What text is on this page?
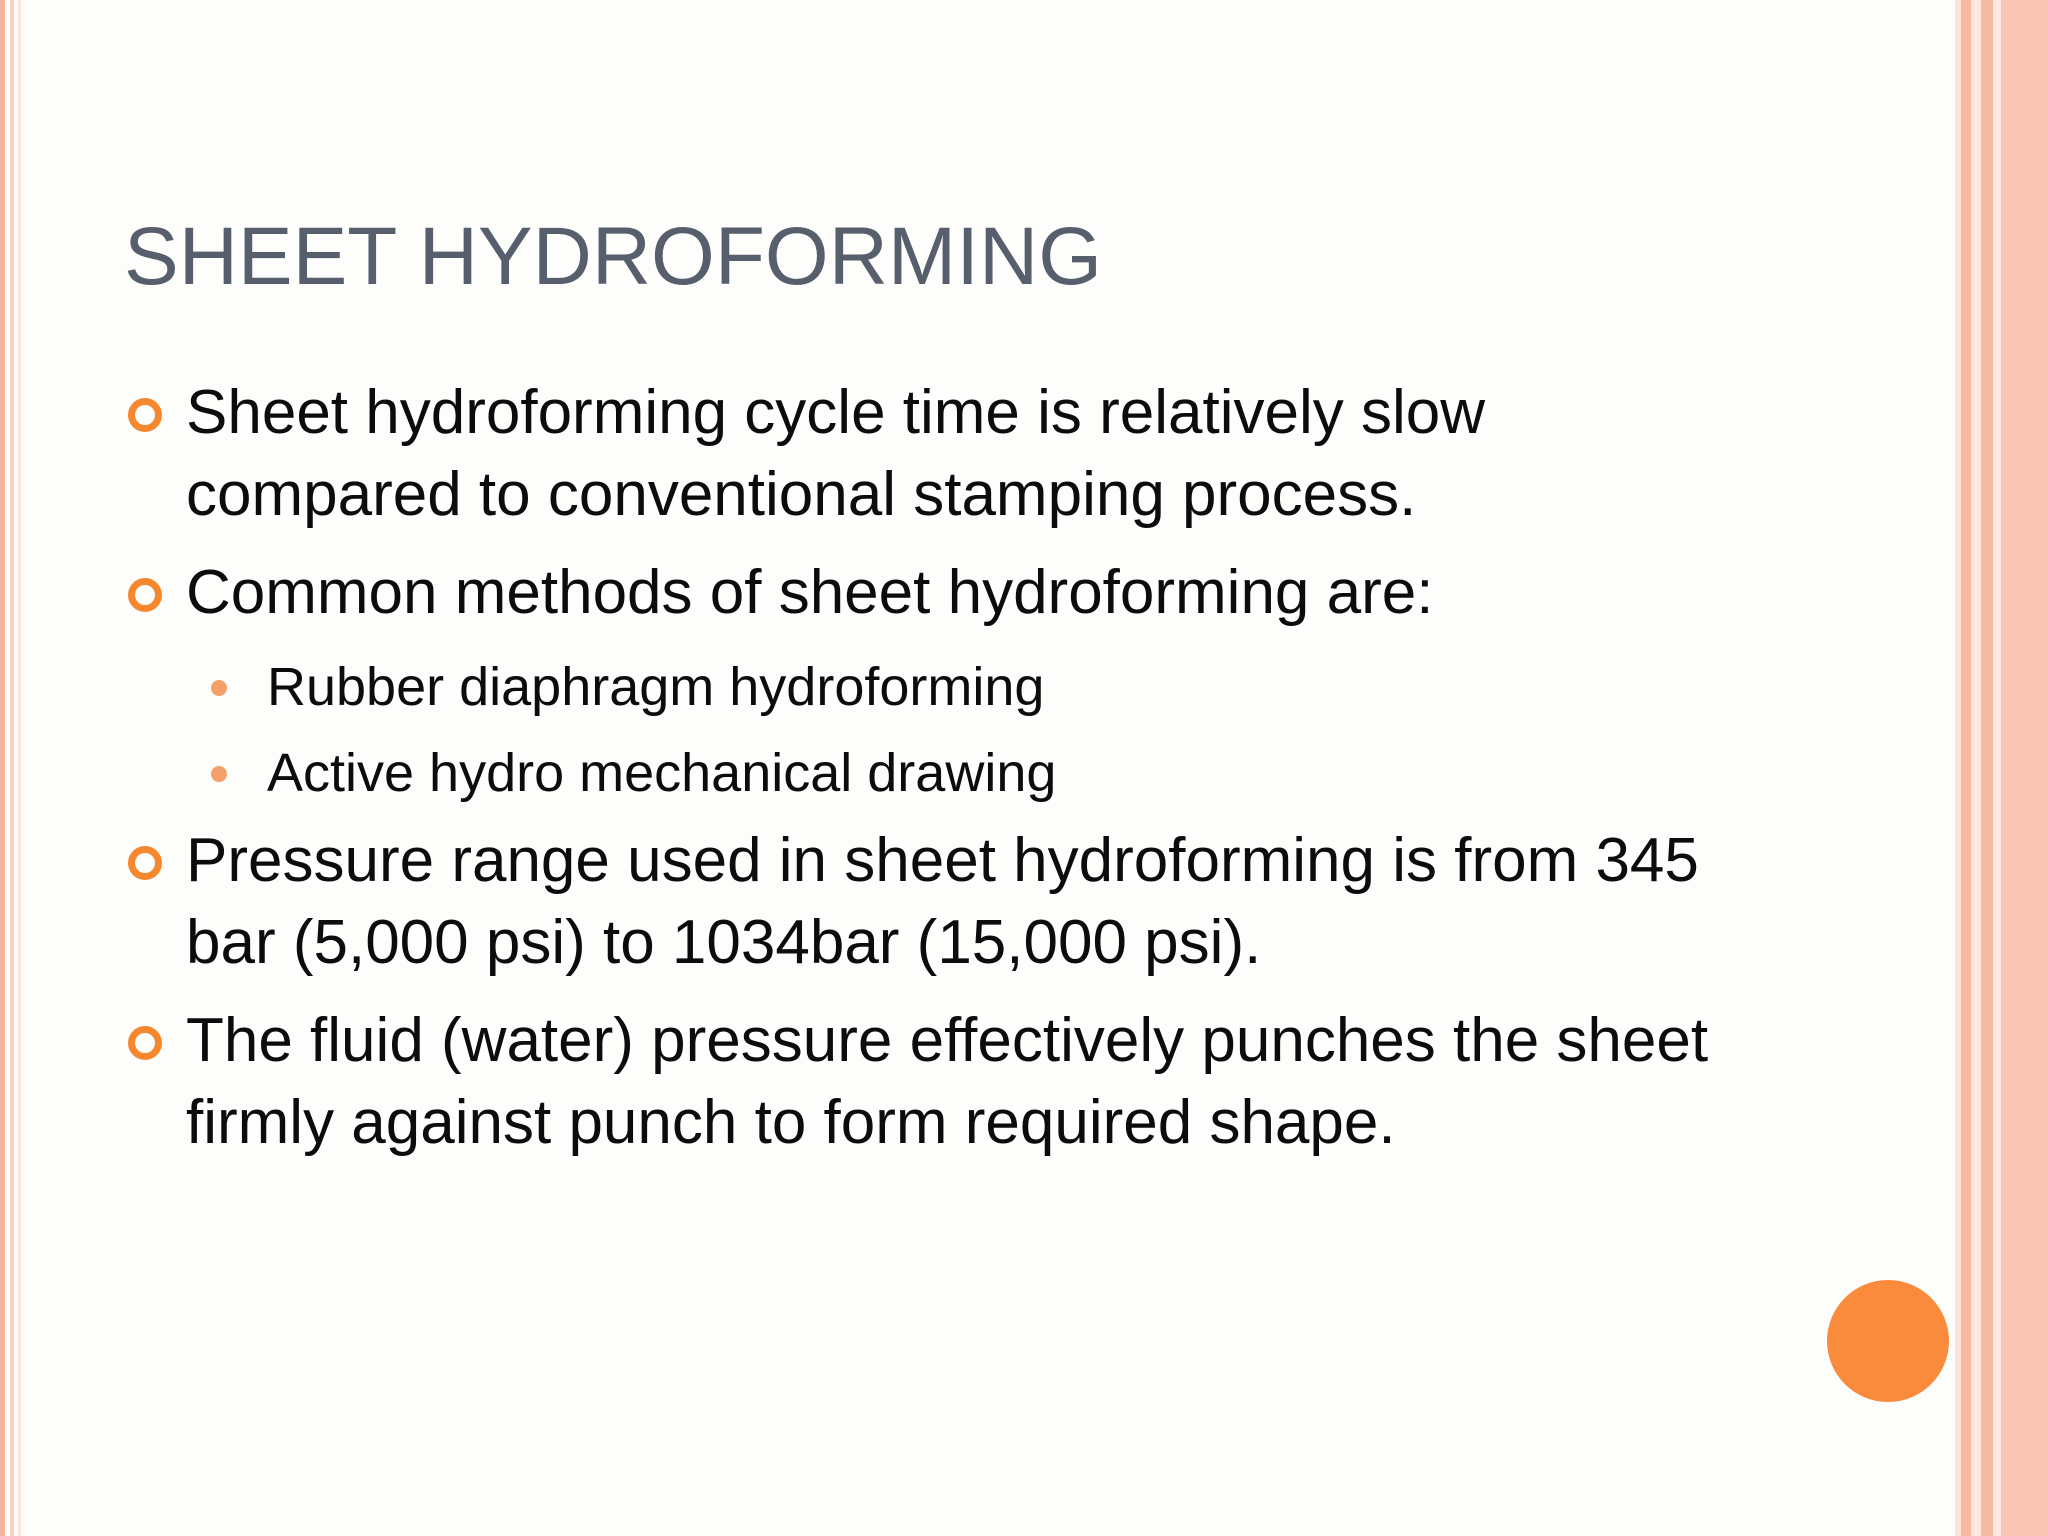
SHEET HYDROFORMING
Sheet hydroforming cycle time is relatively slow compared to conventional stamping process.
Common methods of sheet hydroforming are:
Rubber diaphragm hydroforming
Active hydro mechanical drawing
Pressure range used in sheet hydroforming is from 345 bar (5,000 psi) to 1034bar (15,000 psi).
The fluid (water) pressure effectively punches the sheet firmly against punch to form required shape.
